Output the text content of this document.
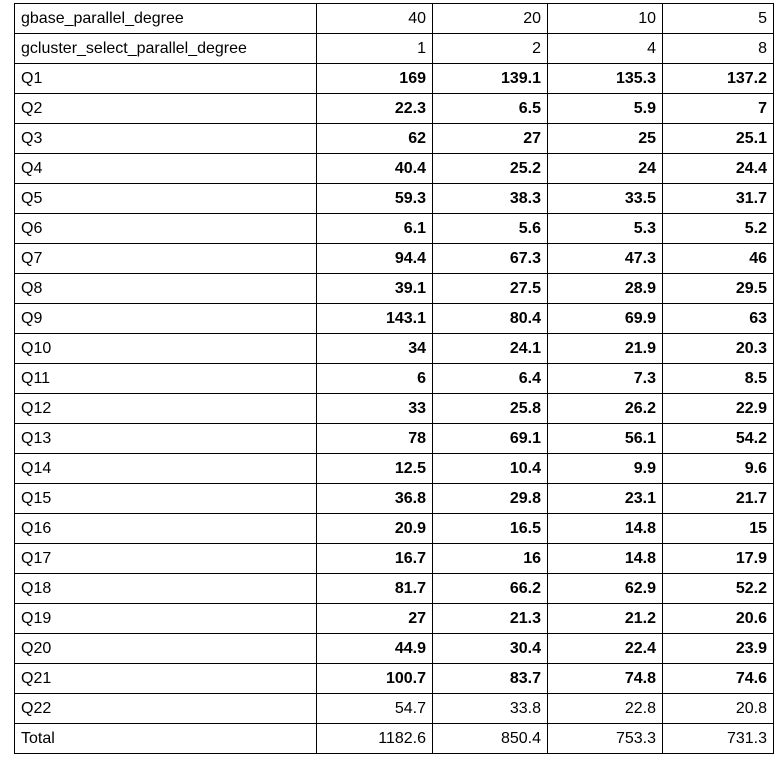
gbase_parallel_degree	40	20	10	5
gcluster_select_parallel_degree	1	2	4	8
Q1	169	139.1	135.3	137.2
Q2	22.3	6.5	5.9	7
Q3	62	27	25	25.1
Q4	40.4	25.2	24	24.4
Q5	59.3	38.3	33.5	31.7
Q6	6.1	5.6	5.3	5.2
Q7	94.4	67.3	47.3	46
Q8	39.1	27.5	28.9	29.5
Q9	143.1	80.4	69.9	63
Q10	34	24.1	21.9	20.3
Q11	6	6.4	7.3	8.5
Q12	33	25.8	26.2	22.9
Q13	78	69.1	56.1	54.2
Q14	12.5	10.4	9.9	9.6
Q15	36.8	29.8	23.1	21.7
Q16	20.9	16.5	14.8	15
Q17	16.7	16	14.8	17.9
Q18	81.7	66.2	62.9	52.2
Q19	27	21.3	21.2	20.6
Q20	44.9	30.4	22.4	23.9
Q21	100.7	83.7	74.8	74.6
Q22	54.7	33.8	22.8	20.8
Total	1182.6	850.4	753.3	731.3
